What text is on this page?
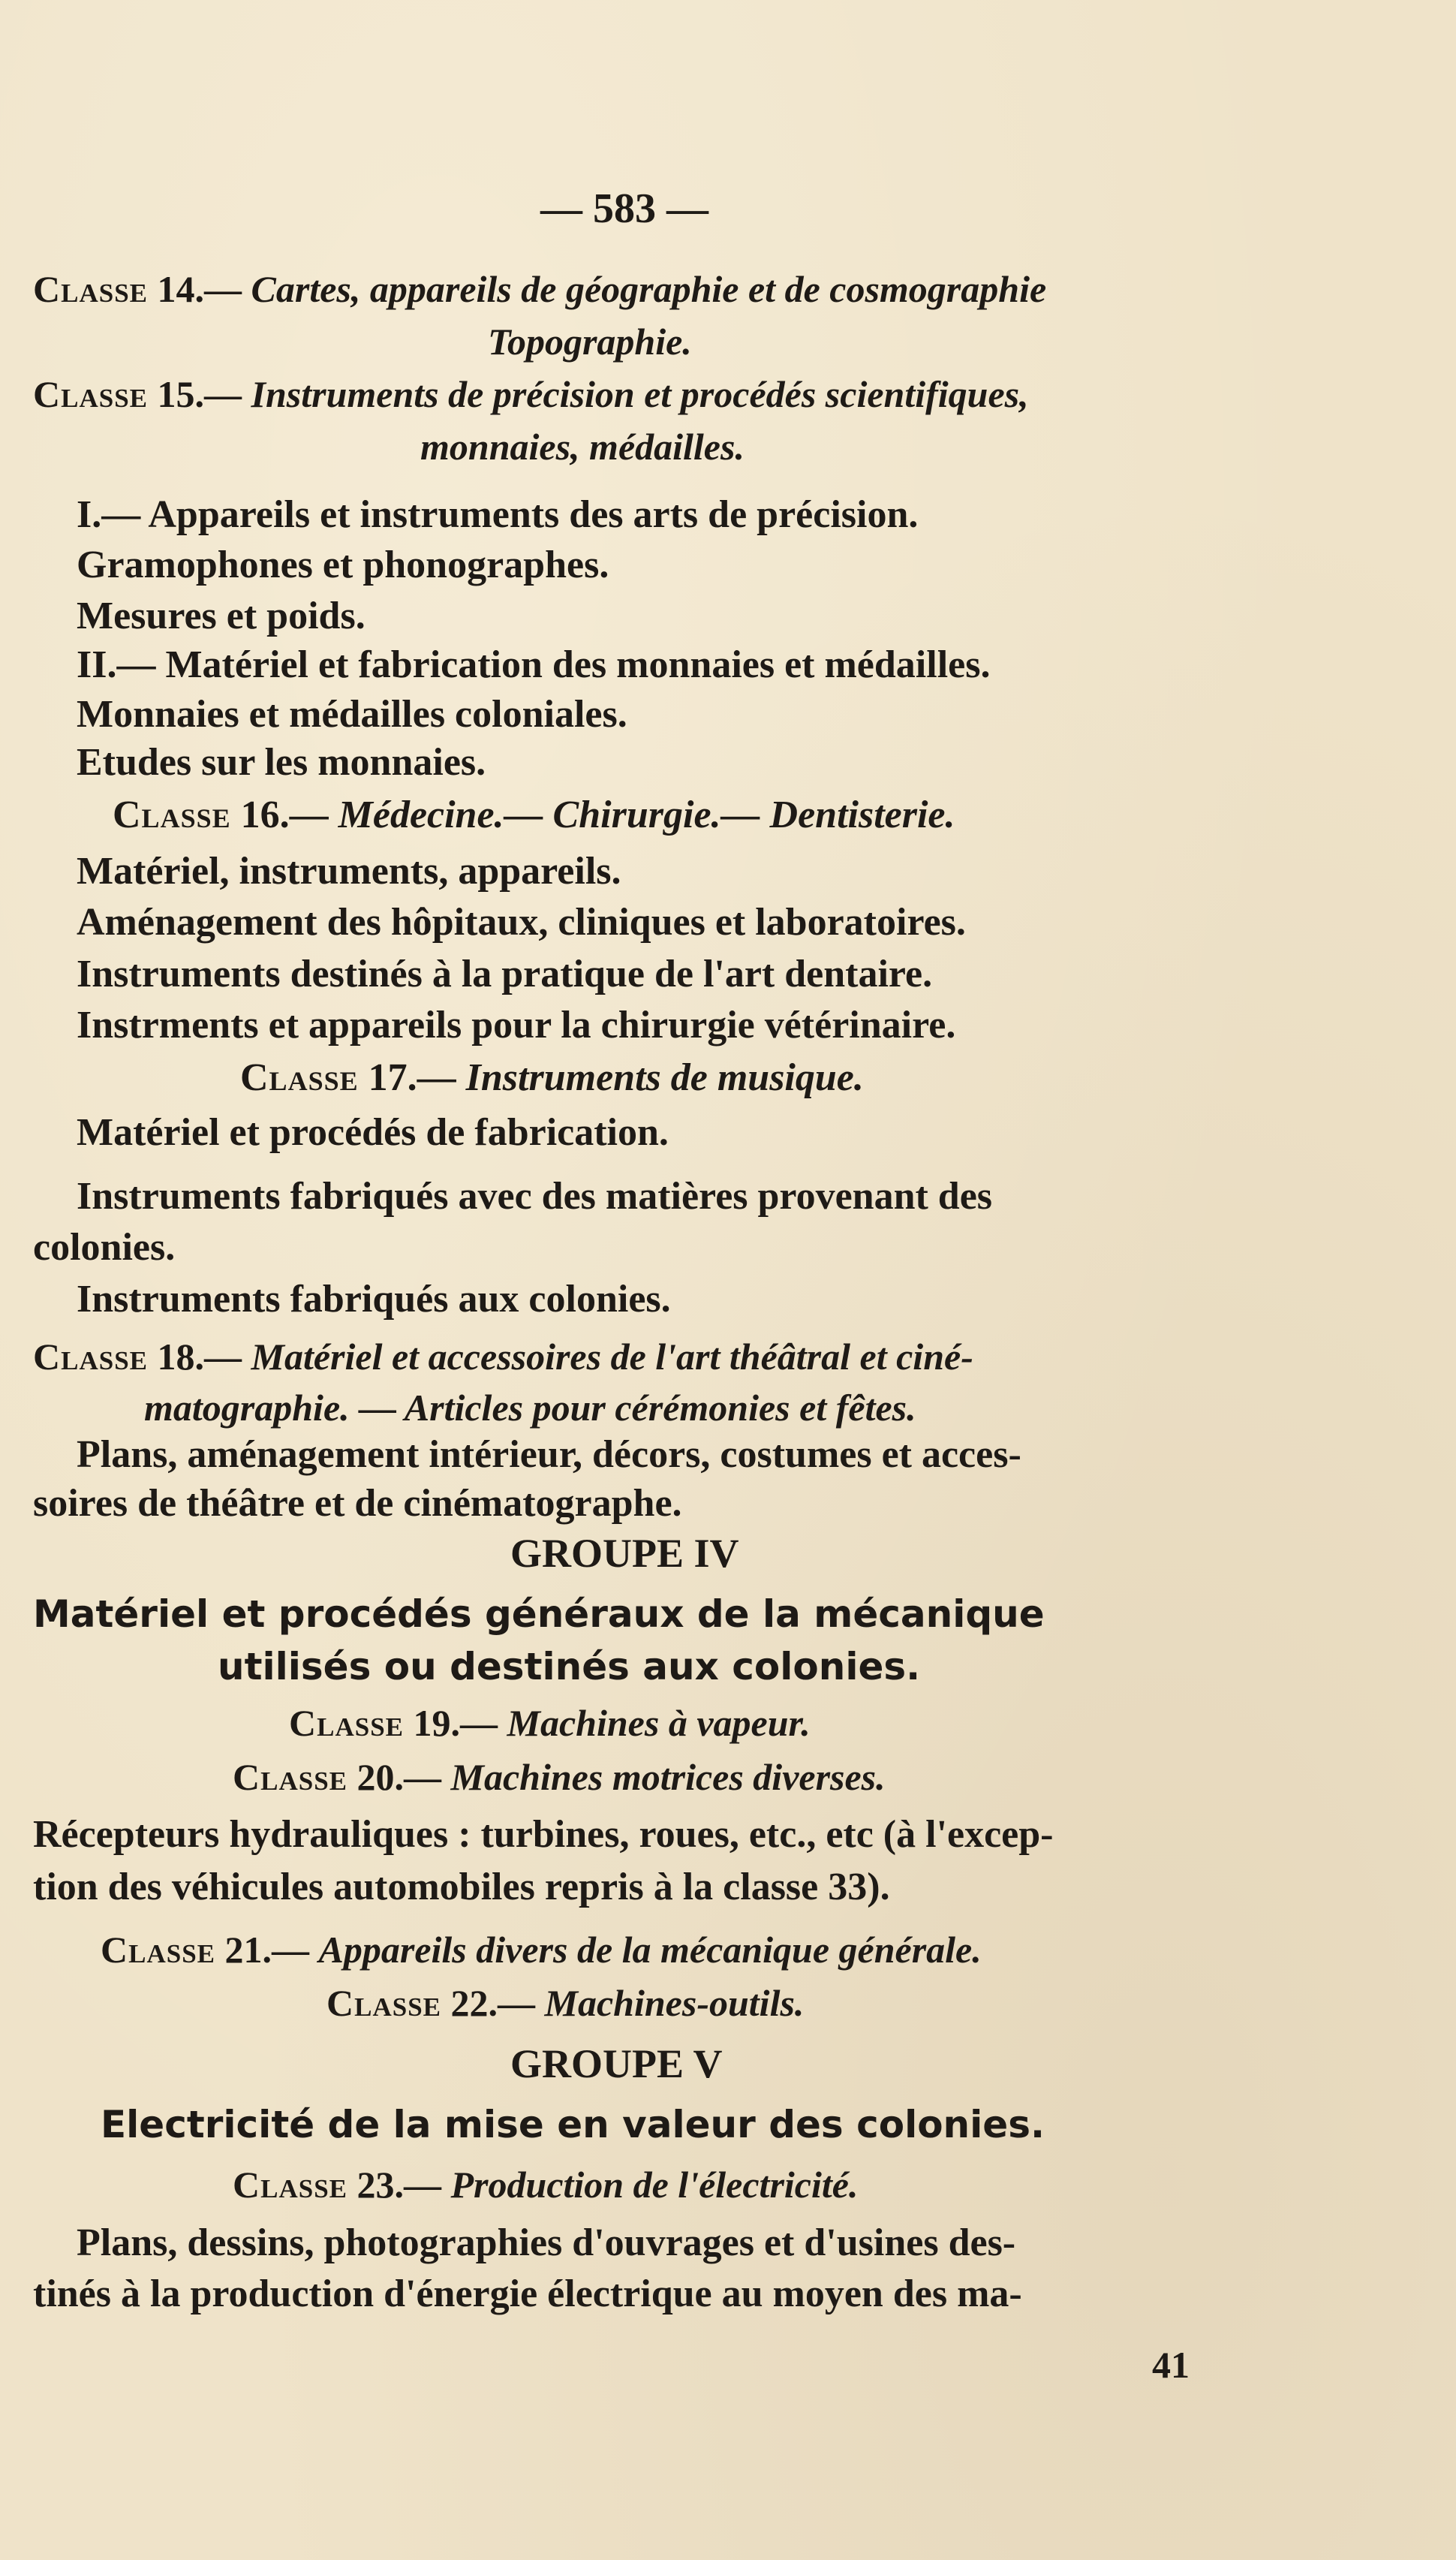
— 583 —
Classe 14.— Cartes, appareils de géographie et de cosmographie
Topographie.
Classe 15.— Instruments de précision et procédés scientifiques,
monnaies, médailles.
I.— Appareils et instruments des arts de précision.
Gramophones et phonographes.
Mesures et poids.
II.— Matériel et fabrication des monnaies et médailles.
Monnaies et médailles coloniales.
Etudes sur les monnaies.
Classe 16.— Médecine.— Chirurgie.— Dentisterie.
Matériel, instruments, appareils.
Aménagement des hôpitaux, cliniques et laboratoires.
Instruments destinés à la pratique de l'art dentaire.
Instrments et appareils pour la chirurgie vétérinaire.
Classe 17.— Instruments de musique.
Matériel et procédés de fabrication.
Instruments fabriqués avec des matières provenant des
colonies.
Instruments fabriqués aux colonies.
Classe 18.— Matériel et accessoires de l'art théâtral et ciné-
matographie. — Articles pour cérémonies et fêtes.
Plans, aménagement intérieur, décors, costumes et acces-
soires de théâtre et de cinématographe.
GROUPE IV
Matériel et procédés généraux de la mécanique
utilisés ou destinés aux colonies.
Classe 19.— Machines à vapeur.
Classe 20.— Machines motrices diverses.
Récepteurs hydrauliques : turbines, roues, etc., etc (à l'excep-
tion des véhicules automobiles repris à la classe 33).
Classe 21.— Appareils divers de la mécanique générale.
Classe 22.— Machines-outils.
GROUPE V
Electricité de la mise en valeur des colonies.
Classe 23.— Production de l'électricité.
Plans, dessins, photographies d'ouvrages et d'usines des-
tinés à la production d'énergie électrique au moyen des ma-
41
